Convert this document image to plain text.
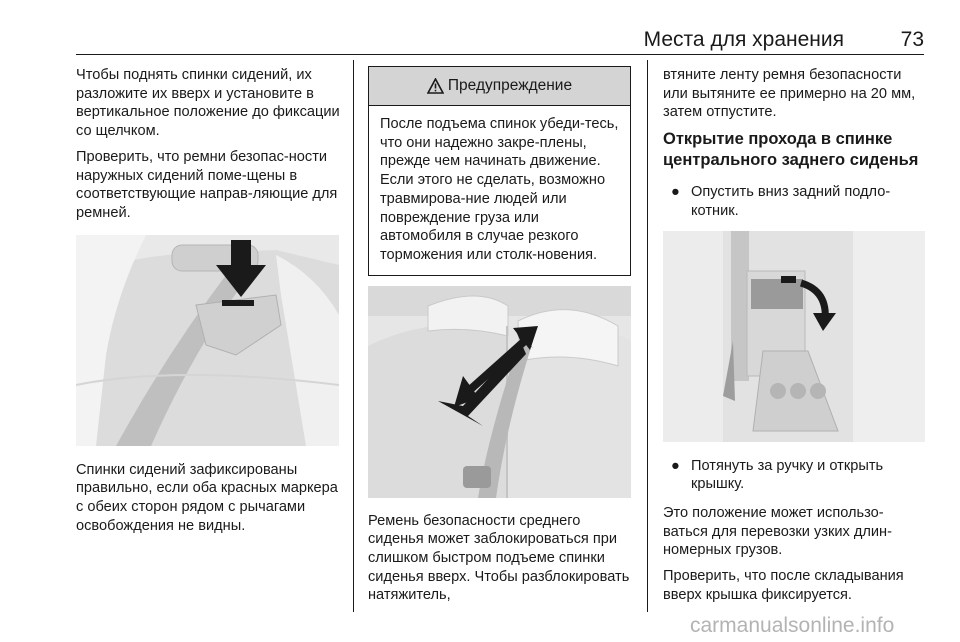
Места для хранения	73

Чтобы поднять спинки сидений, их разложите их вверх и установите в вертикальное положение до фиксации со щелчком.

Проверить, что ремни безопас-ности наружных сидений поме-щены в соответствующие направ-ляющие для ремней.

Спинки сидений зафиксированы правильно, если оба красных маркера с обеих сторон рядом с рычагами освобождения не видны.

Предупреждение

После подъема спинок убеди-тесь, что они надежно закре-плены, прежде чем начинать движение. Если этого не сделать, возможно травмирова-ние людей или повреждение груза или автомобиля в случае резкого торможения или столк-новения.

Ремень безопасности среднего сиденья может заблокироваться при слишком быстром подъеме спинки сиденья вверх. Чтобы разблокировать натяжитель,

втяните ленту ремня безопасности или вытяните ее примерно на 20 мм, затем отпустите.

Открытие прохода в спинке центрального заднего сиденья
● Опустить вниз задний подло-котник.
● Потянуть за ручку и открыть крышку.

Это положение может использо-ваться для перевозки узких длин-номерных грузов.

Проверить, что после складывания вверх крышка фиксируется.

carmanualsonline.info
